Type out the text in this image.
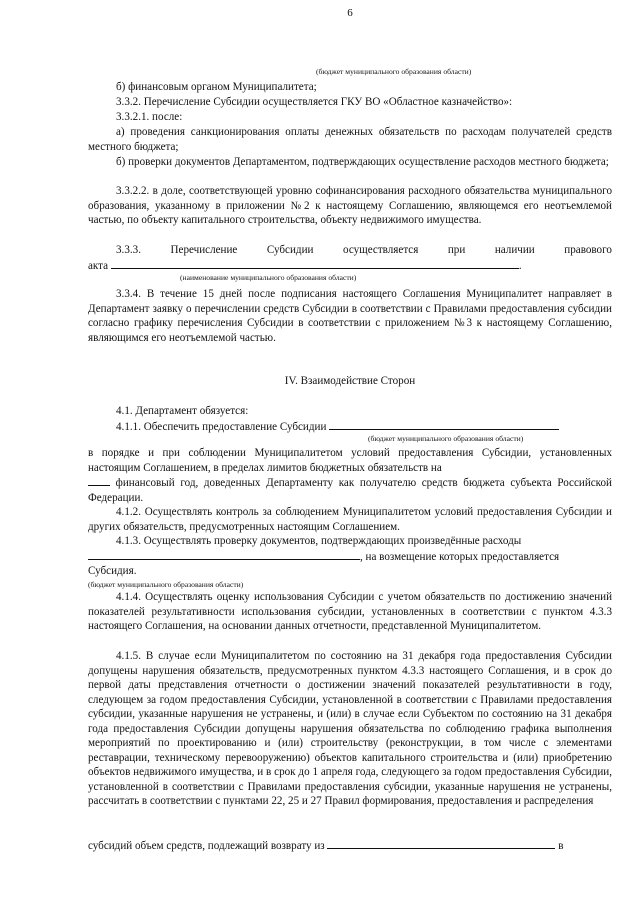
6
(бюджет муниципального образования области)

б) финансовым органом Муниципалитета;

3.3.2. Перечисление Субсидии осуществляется ГКУ ВО «Областное казначейство»:

3.3.2.1. после:

а) проведения санкционирования оплаты денежных обязательств по расходам получателей средств местного бюджета;

б) проверки документов Департаментом, подтверждающих осуществление расходов местного бюджета;

3.3.2.2. в доле, соответствующей уровню софинансирования расходного обязательства муниципального образования, указанному в приложении №2 к настоящему Соглашению, являющемся его неотъемлемой частью, по объекту капитального строительства, объекту недвижимого имущества.

3.3.3.	Перечисление	Субсидии	осуществляется	при	наличии	правового
акта	.
(наименование муниципального образования области)

3.3.4. В течение 15 дней после подписания настоящего Соглашения Муниципалитет направляет в Департамент заявку о перечислении средств Субсидии в соответствии с Правилами предоставления субсидии согласно графику перечисления Субсидии в соответствии с приложением №3 к настоящему Соглашению, являющимся его неотъемлемой частью.

IV. Взаимодействие Сторон

4.1. Департамент обязуется:

4.1.1. Обеспечить предоставление Субсидии
(бюджет муниципального образования области)

в порядке и при соблюдении Муниципалитетом условий предоставления Субсидии, установленных настоящим Соглашением, в пределах лимитов бюджетных обязательств на

финансовый год, доведенных Департаменту как получателю средств бюджета субъекта Российской Федерации.

4.1.2. Осуществлять контроль за соблюдением Муниципалитетом условий предоставления Субсидии и других обязательств, предусмотренных настоящим Соглашением.

4.1.3. Осуществлять проверку документов, подтверждающих произведённые расходы

, на возмещение которых предоставляется
Субсидия.
(бюджет муниципального образования области)

4.1.4. Осуществлять оценку использования Субсидии с учетом обязательств по достижению значений показателей результативности использования субсидии, установленных в соответствии с пунктом 4.3.3 настоящего Соглашения, на основании данных отчетности, представленной Муниципалитетом.

4.1.5. В случае если Муниципалитетом по состоянию на 31 декабря года предоставления Субсидии допущены нарушения обязательств, предусмотренных пунктом 4.3.3 настоящего Соглашения, и в срок до первой даты представления отчетности о достижении значений показателей результативности в году, следующем за годом предоставления Субсидии, установленной в соответствии с Правилами предоставления субсидии, указанные нарушения не устранены, и (или) в случае если Субъектом по состоянию на 31 декабря года предоставления Субсидии допущены нарушения обязательства по соблюдению графика выполнения мероприятий по проектированию и (или) строительству (реконструкции, в том числе с элементами реставрации, техническому перевооружению) объектов капитального строительства и (или) приобретению объектов недвижимого имущества, и в срок до 1 апреля года, следующего за годом предоставления Субсидии, установленной в соответствии с Правилами предоставления субсидии, указанные нарушения не устранены, рассчитать в соответствии с пунктами 22, 25 и 27 Правил формирования, предоставления и распределения

субсидий объем средств, подлежащий возврату из	в
